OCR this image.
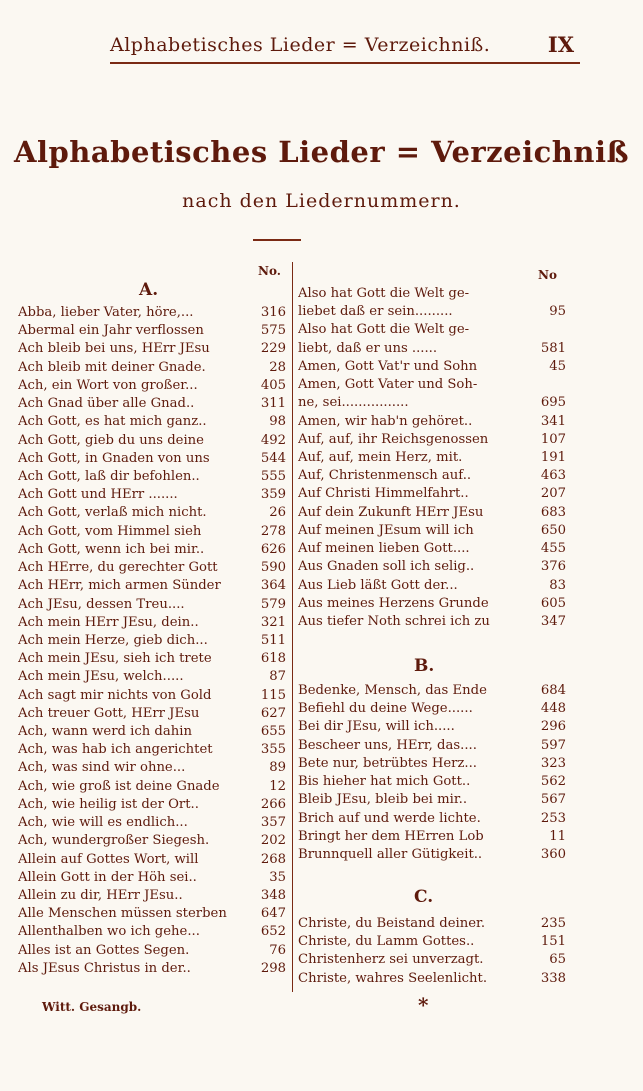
Alphabetisches Lieder = Verzeichniß.	IX
Alphabetisches Lieder = Verzeichniß
nach den Liedernummern.
No.	No
A.
B.
C.
Abba, lieber Vater, höre,...	316
Abermal ein Jahr verflossen	575
Ach bleib bei uns, HErr JEsu	229
Ach bleib mit deiner Gnade.	28
Ach, ein Wort von großer...	405
Ach Gnad über alle Gnad..	311
Ach Gott, es hat mich ganz..	98
Ach Gott, gieb du uns deine	492
Ach Gott, in Gnaden von uns	544
Ach Gott, laß dir befohlen..	555
Ach Gott und HErr .......	359
Ach Gott, verlaß mich nicht.	26
Ach Gott, vom Himmel sieh	278
Ach Gott, wenn ich bei mir..	626
Ach HErre, du gerechter Gott	590
Ach HErr, mich armen Sünder	364
Ach JEsu, dessen Treu....	579
Ach mein HErr JEsu, dein..	321
Ach mein Herze, gieb dich...	511
Ach mein JEsu, sieh ich trete	618
Ach mein JEsu, welch.....	87
Ach sagt mir nichts von Gold	115
Ach treuer Gott, HErr JEsu	627
Ach, wann werd ich dahin	655
Ach, was hab ich angerichtet	355
Ach, was sind wir ohne...	89
Ach, wie groß ist deine Gnade	12
Ach, wie heilig ist der Ort..	266
Ach, wie will es endlich...	357
Ach, wundergroßer Siegesh.	202
Allein auf Gottes Wort, will	268
Allein Gott in der Höh sei..	35
Allein zu dir, HErr JEsu..	348
Alle Menschen müssen sterben	647
Allenthalben wo ich gehe...	652
Alles ist an Gottes Segen.	76
Als JEsus Christus in der..	298
Also hat Gott die Welt ge-
liebet daß er sein.........	95
Also hat Gott die Welt ge-
liebt, daß er uns ......	581
Amen, Gott Vat'r und Sohn	45
Amen, Gott Vater und Soh-
ne, sei................	695
Amen, wir hab'n gehöret..	341
Auf, auf, ihr Reichsgenossen	107
Auf, auf, mein Herz, mit.	191
Auf, Christenmensch auf..	463
Auf Christi Himmelfahrt..	207
Auf dein Zukunft HErr JEsu	683
Auf meinen JEsum will ich	650
Auf meinen lieben Gott....	455
Aus Gnaden soll ich selig..	376
Aus Lieb läßt Gott der...	83
Aus meines Herzens Grunde	605
Aus tiefer Noth schrei ich zu	347
Bedenke, Mensch, das Ende	684
Befiehl du deine Wege......	448
Bei dir JEsu, will ich.....	296
Bescheer uns, HErr, das....	597
Bete nur, betrübtes Herz...	323
Bis hieher hat mich Gott..	562
Bleib JEsu, bleib bei mir..	567
Brich auf und werde lichte.	253
Bringt her dem HErren Lob	11
Brunnquell aller Gütigkeit..	360
Christe, du Beistand deiner.	235
Christe, du Lamm Gottes..	151
Christenherz sei unverzagt.	65
Christe, wahres Seelenlicht.	338
Witt. Gesangb.	*
